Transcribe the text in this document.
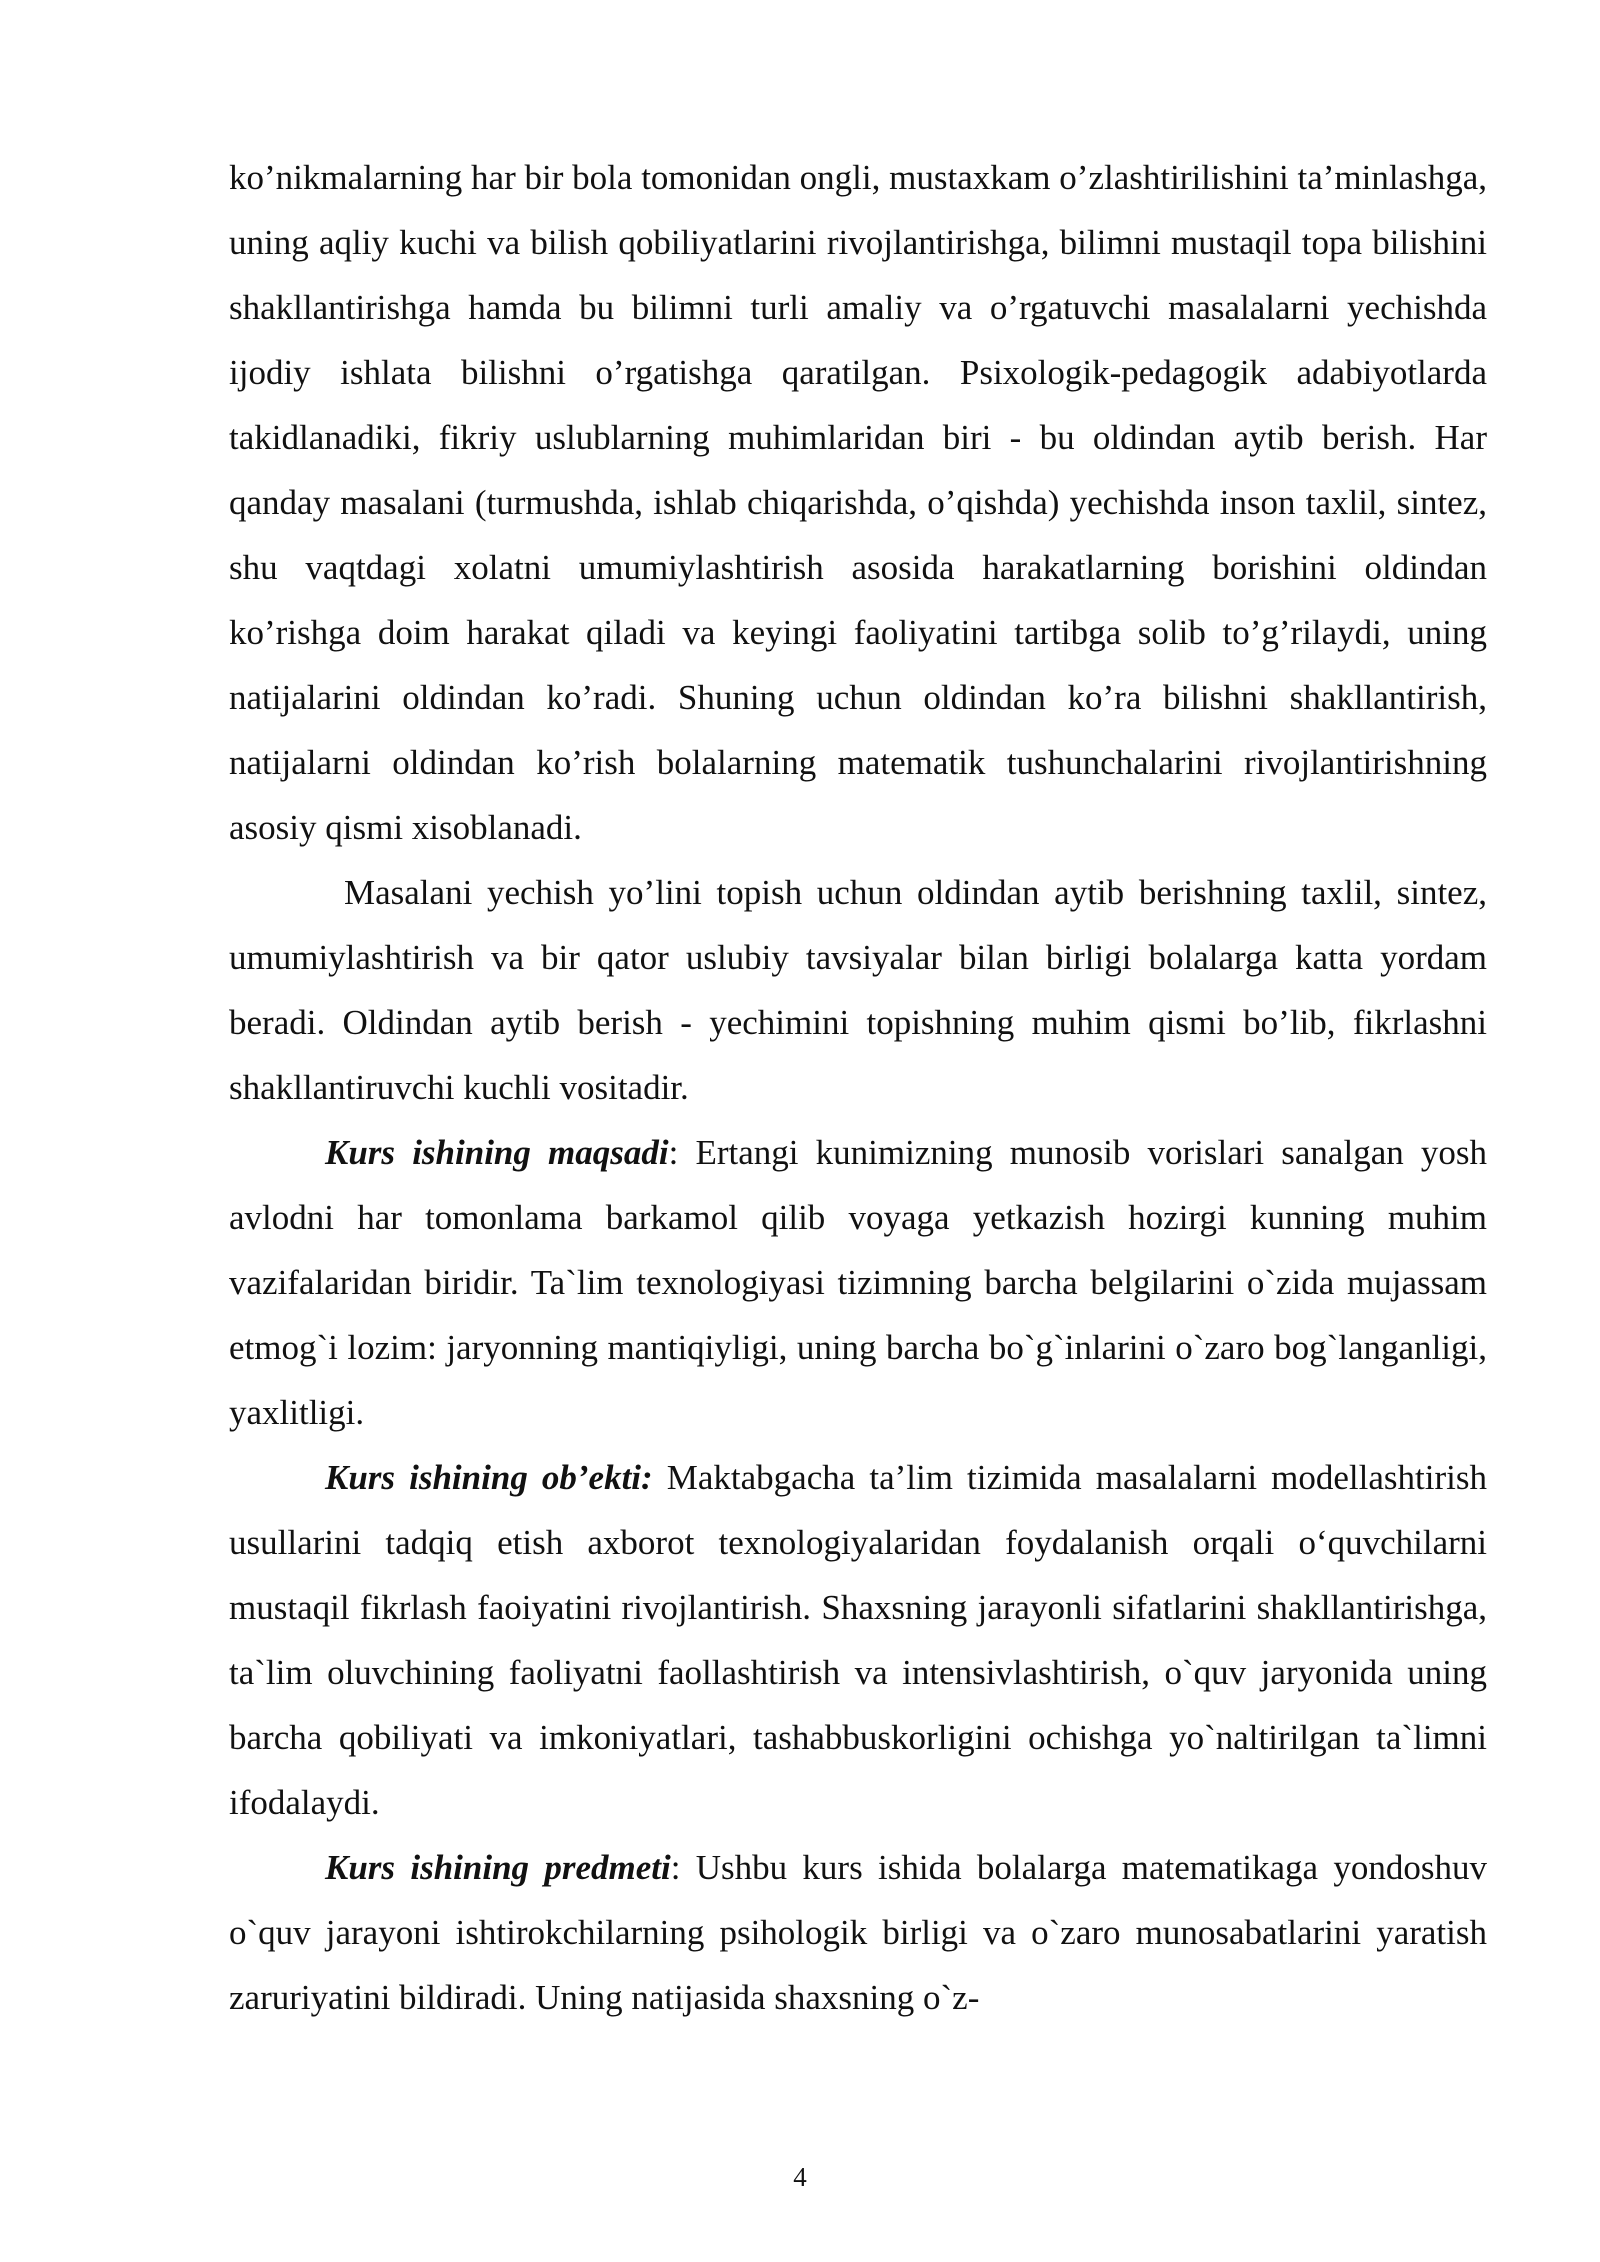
ko’nikmalarning har bir bola tomonidan ongli, mustaxkam o’zlashtirilishini ta’minlashga, uning aqliy kuchi va bilish qobiliyatlarini rivojlantirishga, bilimni mustaqil topa bilishini shakllantirishga hamda bu bilimni turli amaliy va o’rgatuvchi masalalarni yechishda ijodiy ishlata bilishni o’rgatishga qaratilgan. Psixologik-pedagogik adabiyotlarda takidlanadiki, fikriy uslublarning muhimlaridan biri - bu oldindan aytib berish. Har qanday masalani (turmushda, ishlab chiqarishda, o’qishda) yechishda inson taxlil, sintez, shu vaqtdagi xolatni umumiylashtirish asosida harakatlarning borishini oldindan ko’rishga doim harakat qiladi va keyingi faoliyatini tartibga solib to’g’rilaydi, uning natijalarini oldindan ko’radi. Shuning uchun oldindan ko’ra bilishni shakllantirish, natijalarni oldindan ko’rish bolalarning matematik tushunchalarini rivojlantirishning asosiy qismi xisoblanadi.

Masalani yechish yo’lini topish uchun oldindan aytib berishning taxlil, sintez, umumiylashtirish va bir qator uslubiy tavsiyalar bilan birligi bolalarga katta yordam beradi. Oldindan aytib berish - yechimini topishning muhim qismi bo’lib, fikrlashni shakllantiruvchi kuchli vositadir.

Kurs ishining maqsadi: Ertangi kunimizning munosib vorislari sanalgan yosh avlodni har tomonlama barkamol qilib voyaga yetkazish hozirgi kunning muhim vazifalaridan biridir. Ta`lim texnologiyasi tizimning barcha belgilarini o`zida mujassam etmog`i lozim: jaryonning mantiqiyligi, uning barcha bo`g`inlarini o`zaro bog`langanligi, yaxlitligi.

Kurs ishining ob’ekti: Maktabgacha ta’lim tizimida masalalarni modellashtirish usullarini tadqiq etish axborot texnologiyalaridan foydalanish orqali o‘quvchilarni mustaqil fikrlash faoiyatini rivojlantirish. Shaxsning jarayonli sifatlarini shakllantirishga, ta`lim oluvchining faoliyatni faollashtirish va intensivlashtirish, o`quv jaryonida uning barcha qobiliyati va imkoniyatlari, tashabbuskorligini ochishga yo`naltirilgan ta`limni ifodalaydi.

Kurs ishining predmeti: Ushbu kurs ishida bolalarga matematikaga yondoshuv o`quv jarayoni ishtirokchilarning psihologik birligi va o`zaro munosabatlarini yaratish zaruriyatini bildiradi. Uning natijasida shaxsning o`z-

4
